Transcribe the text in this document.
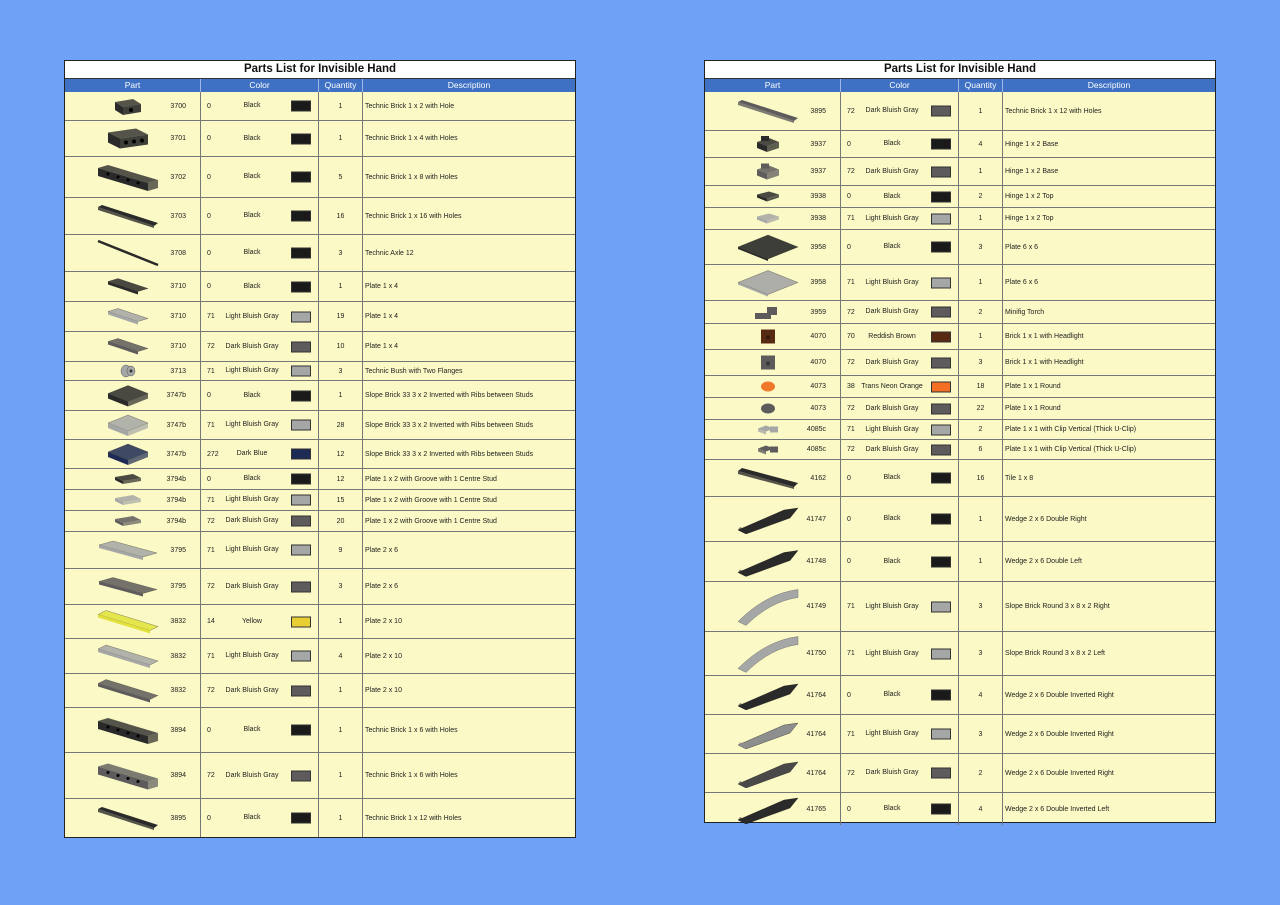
Parts List for Invisible Hand
Part	Color	Quantity	Description
3700	0	Black	1	Technic Brick 1 x 2 with Hole
3701	0	Black	1	Technic Brick 1 x 4 with Holes
3702	0	Black	5	Technic Brick 1 x 8 with Holes
3703	0	Black	16	Technic Brick 1 x 16 with Holes
3708	0	Black	3	Technic Axle 12
3710	0	Black	1	Plate 1 x 4
3710	71	Light Bluish Gray	19	Plate 1 x 4
3710	72	Dark Bluish Gray	10	Plate 1 x 4
3713	71	Light Bluish Gray	3	Technic Bush with Two Flanges
3747b	0	Black	1	Slope Brick 33 3 x 2 Inverted with Ribs between Studs
3747b	71	Light Bluish Gray	28	Slope Brick 33 3 x 2 Inverted with Ribs between Studs
3747b	272	Dark Blue	12	Slope Brick 33 3 x 2 Inverted with Ribs between Studs
3794b	0	Black	12	Plate 1 x 2 with Groove with 1 Centre Stud
3794b	71	Light Bluish Gray	15	Plate 1 x 2 with Groove with 1 Centre Stud
3794b	72	Dark Bluish Gray	20	Plate 1 x 2 with Groove with 1 Centre Stud
3795	71	Light Bluish Gray	9	Plate 2 x 6
3795	72	Dark Bluish Gray	3	Plate 2 x 6
3832	14	Yellow	1	Plate 2 x 10
3832	71	Light Bluish Gray	4	Plate 2 x 10
3832	72	Dark Bluish Gray	1	Plate 2 x 10
3894	0	Black	1	Technic Brick 1 x 6 with Holes
3894	72	Dark Bluish Gray	1	Technic Brick 1 x 6 with Holes
3895	0	Black	1	Technic Brick 1 x 12 with Holes
Parts List for Invisible Hand
Part	Color	Quantity	Description
3895	72	Dark Bluish Gray	1	Technic Brick 1 x 12 with Holes
3937	0	Black	4	Hinge 1 x 2 Base
3937	72	Dark Bluish Gray	1	Hinge 1 x 2 Base
3938	0	Black	2	Hinge 1 x 2 Top
3938	71	Light Bluish Gray	1	Hinge 1 x 2 Top
3958	0	Black	3	Plate 6 x 6
3958	71	Light Bluish Gray	1	Plate 6 x 6
3959	72	Dark Bluish Gray	2	Minifig Torch
4070	70	Reddish Brown	1	Brick 1 x 1 with Headlight
4070	72	Dark Bluish Gray	3	Brick 1 x 1 with Headlight
4073	38 Trans Neon Orange	18	Plate 1 x 1 Round
4073	72	Dark Bluish Gray	22	Plate 1 x 1 Round
4085c	71	Light Bluish Gray	2	Plate 1 x 1 with Clip Vertical (Thick U-Clip)
4085c	72	Dark Bluish Gray	6	Plate 1 x 1 with Clip Vertical (Thick U-Clip)
4162	0	Black	16	Tile 1 x 8
41747	0	Black	1	Wedge 2 x 6 Double Right
41748	0	Black	1	Wedge 2 x 6 Double Left
41749	71	Light Bluish Gray	3	Slope Brick Round 3 x 8 x 2 Right
41750	71	Light Bluish Gray	3	Slope Brick Round 3 x 8 x 2 Left
41764	0	Black	4	Wedge 2 x 6 Double Inverted Right
41764	71	Light Bluish Gray	3	Wedge 2 x 6 Double Inverted Right
41764	72	Dark Bluish Gray	2	Wedge 2 x 6 Double Inverted Right
41765	0	Black	4	Wedge 2 x 6 Double Inverted Left
